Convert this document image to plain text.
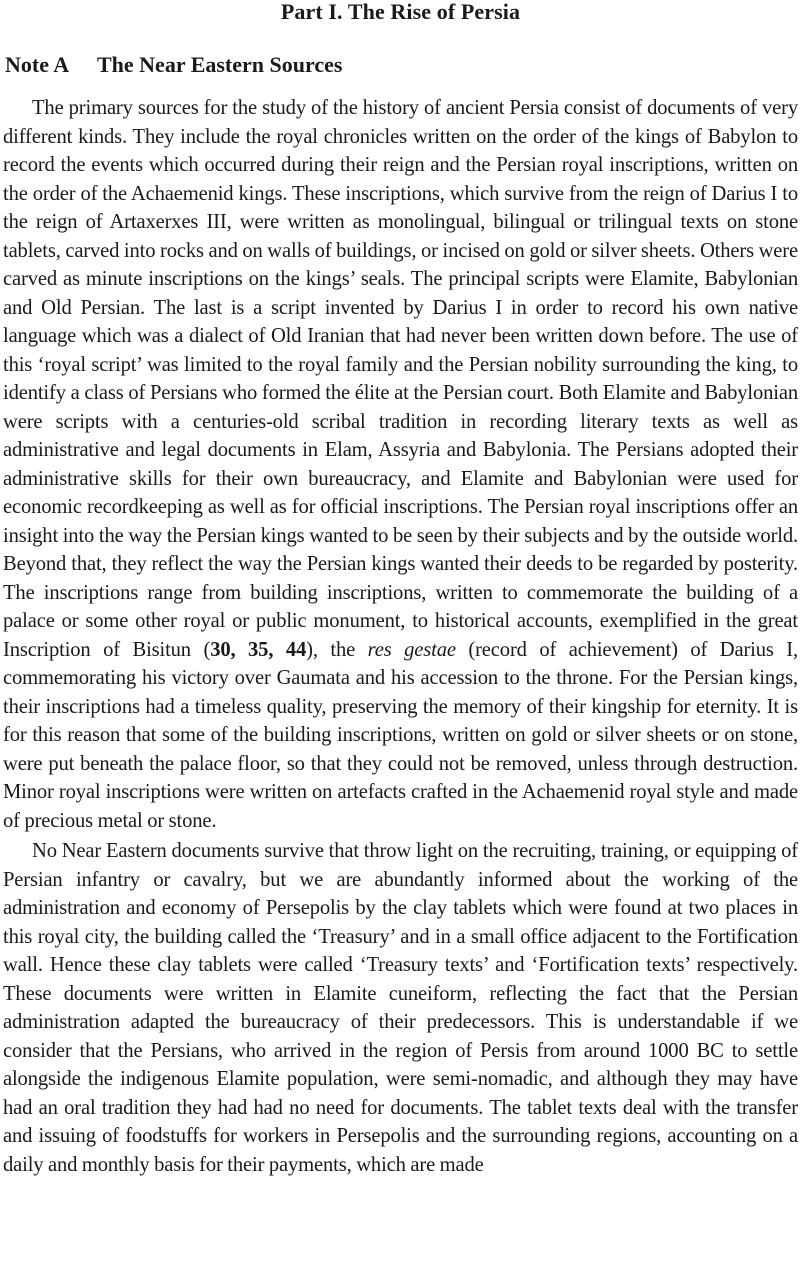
Part I. The Rise of Persia
Note A The Near Eastern Sources

The primary sources for the study of the history of ancient Persia consist of documents of very different kinds. They include the royal chronicles written on the order of the kings of Babylon to record the events which occurred during their reign and the Persian royal inscriptions, written on the order of the Achaemenid kings. These inscriptions, which survive from the reign of Darius I to the reign of Artaxerxes III, were written as monolingual, bilingual or trilingual texts on stone tablets, carved into rocks and on walls of buildings, or incised on gold or silver sheets. Others were carved as minute inscriptions on the kings’ seals. The principal scripts were Elamite, Babylonian and Old Persian. The last is a script invented by Darius I in order to record his own native language which was a dialect of Old Iranian that had never been written down before. The use of this ‘royal script’ was limited to the royal family and the Persian nobility surrounding the king, to identify a class of Persians who formed the élite at the Persian court. Both Elamite and Babylonian were scripts with a centuries-old scribal tradition in recording literary texts as well as administrative and legal documents in Elam, Assyria and Babylonia. The Persians adopted their administrative skills for their own bureaucracy, and Elamite and Babylonian were used for economic recordkeeping as well as for official inscriptions. The Persian royal inscriptions offer an insight into the way the Persian kings wanted to be seen by their subjects and by the outside world. Beyond that, they reflect the way the Persian kings wanted their deeds to be regarded by posterity. The inscriptions range from building inscriptions, written to commemorate the building of a palace or some other royal or public monument, to historical accounts, exemplified in the great Inscription of Bisitun (30, 35, 44), the res gestae (record of achievement) of Darius I, commemorating his victory over Gaumata and his accession to the throne. For the Persian kings, their inscriptions had a timeless quality, preserving the memory of their kingship for eternity. It is for this reason that some of the building inscriptions, written on gold or silver sheets or on stone, were put beneath the palace floor, so that they could not be removed, unless through destruction. Minor royal inscriptions were written on artefacts crafted in the Achaemenid royal style and made of precious metal or stone.

No Near Eastern documents survive that throw light on the recruiting, training, or equipping of Persian infantry or cavalry, but we are abundantly informed about the working of the administration and economy of Persepolis by the clay tablets which were found at two places in this royal city, the building called the ‘Treasury’ and in a small office adjacent to the Fortification wall. Hence these clay tablets were called ‘Treasury texts’ and ‘Fortification texts’ respectively. These documents were written in Elamite cuneiform, reflecting the fact that the Persian administration adapted the bureaucracy of their predecessors. This is understandable if we consider that the Persians, who arrived in the region of Persis from around 1000 BC to settle alongside the indigenous Elamite population, were semi-nomadic, and although they may have had an oral tradition they had had no need for documents. The tablet texts deal with the transfer and issuing of foodstuffs for workers in Persepolis and the surrounding regions, accounting on a daily and monthly basis for their payments, which are made
